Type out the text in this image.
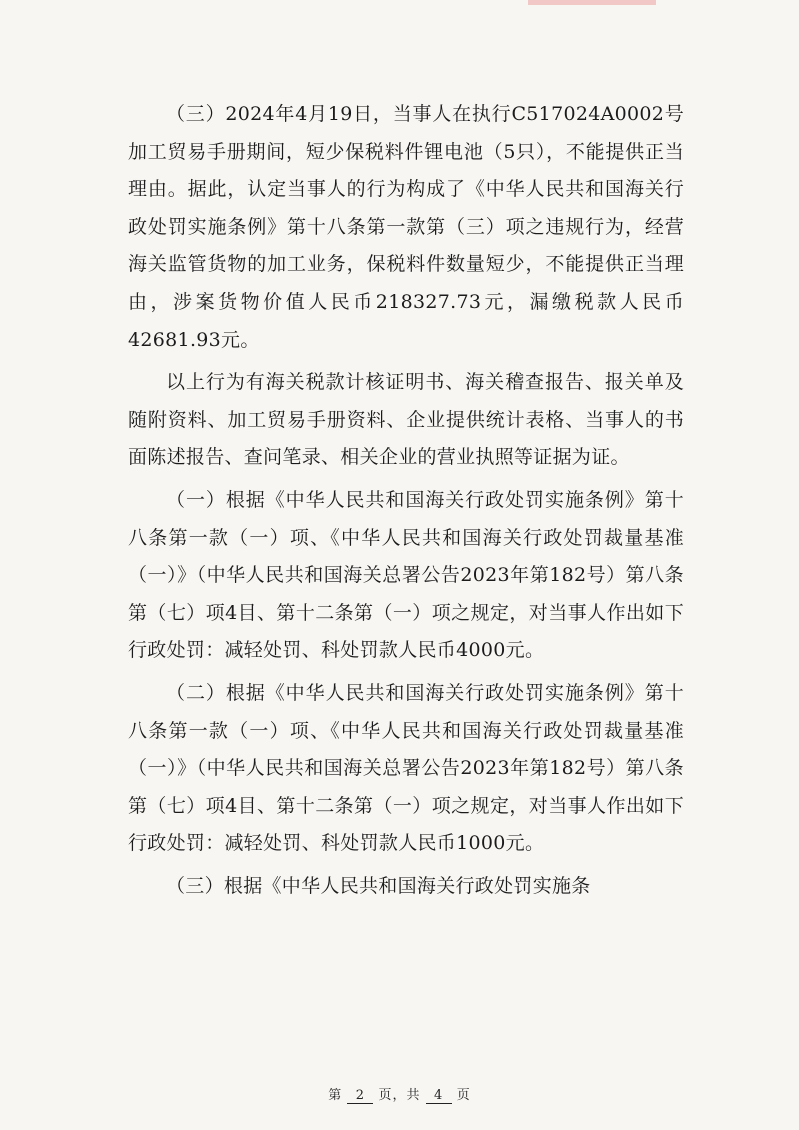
（三）2024年4月19日，当事人在执行C517024A0002号加工贸易手册期间，短少保税料件锂电池（5只），不能提供正当理由。据此，认定当事人的行为构成了《中华人民共和国海关行政处罚实施条例》第十八条第一款第（三）项之违规行为，经营海关监管货物的加工业务，保税料件数量短少，不能提供正当理由，涉案货物价值人民币218327.73元，漏缴税款人民币42681.93元。

以上行为有海关税款计核证明书、海关稽查报告、报关单及随附资料、加工贸易手册资料、企业提供统计表格、当事人的书面陈述报告、查问笔录、相关企业的营业执照等证据为证。

（一）根据《中华人民共和国海关行政处罚实施条例》第十八条第一款（一）项、《中华人民共和国海关行政处罚裁量基准（一）》（中华人民共和国海关总署公告2023年第182号）第八条第（七）项4目、第十二条第（一）项之规定，对当事人作出如下行政处罚：减轻处罚、科处罚款人民币4000元。

（二）根据《中华人民共和国海关行政处罚实施条例》第十八条第一款（一）项、《中华人民共和国海关行政处罚裁量基准（一）》（中华人民共和国海关总署公告2023年第182号）第八条第（七）项4目、第十二条第（一）项之规定，对当事人作出如下行政处罚：减轻处罚、科处罚款人民币1000元。

（三）根据《中华人民共和国海关行政处罚实施条

第 2 页，共 4 页
